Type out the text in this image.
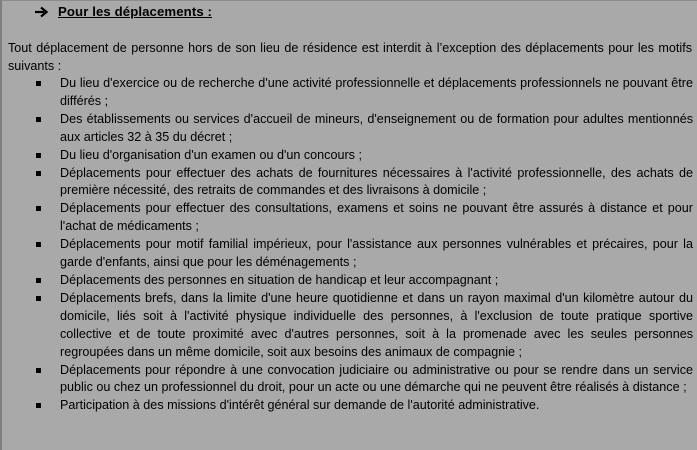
Pour les déplacements :
Tout déplacement de personne hors de son lieu de résidence est interdit à l’exception des déplacements pour les motifs suivants :
Du lieu d'exercice ou de recherche d'une activité professionnelle et déplacements professionnels ne pouvant être différés ;
Des établissements ou services d'accueil de mineurs, d'enseignement ou de formation pour adultes mentionnés aux articles 32 à 35 du décret ;
Du lieu d'organisation d'un examen ou d'un concours ;
Déplacements pour effectuer des achats de fournitures nécessaires à l'activité professionnelle, des achats de première nécessité, des retraits de commandes et des livraisons à domicile ;
Déplacements pour effectuer des consultations, examens et soins ne pouvant être assurés à distance et pour l'achat de médicaments ;
Déplacements pour motif familial impérieux, pour l'assistance aux personnes vulnérables et précaires, pour la garde d'enfants, ainsi que pour les déménagements ;
Déplacements des personnes en situation de handicap et leur accompagnant ;
Déplacements brefs, dans la limite d'une heure quotidienne et dans un rayon maximal d'un kilomètre autour du domicile, liés soit à l'activité physique individuelle des personnes, à l'exclusion de toute pratique sportive collective et de toute proximité avec d'autres personnes, soit à la promenade avec les seules personnes regroupées dans un même domicile, soit aux besoins des animaux de compagnie ;
Déplacements pour répondre à une convocation judiciaire ou administrative ou pour se rendre dans un service public ou chez un professionnel du droit, pour un acte ou une démarche qui ne peuvent être réalisés à distance ;
Participation à des missions d'intérêt général sur demande de l'autorité administrative.
